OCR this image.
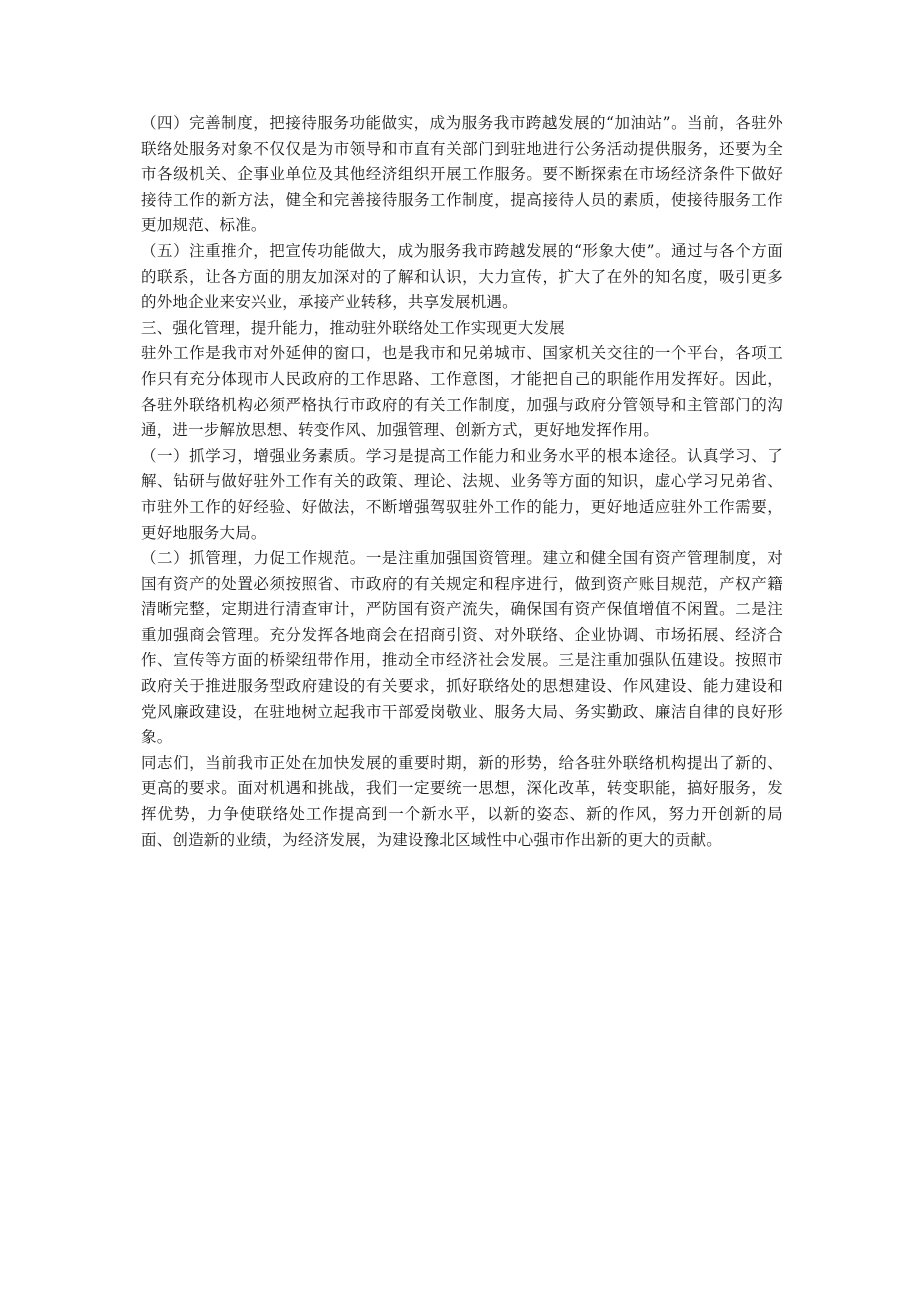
（四）完善制度，把接待服务功能做实，成为服务我市跨越发展的“加油站”。当前，各驻外联络处服务对象不仅仅是为市领导和市直有关部门到驻地进行公务活动提供服务，还要为全市各级机关、企事业单位及其他经济组织开展工作服务。要不断探索在市场经济条件下做好接待工作的新方法，健全和完善接待服务工作制度，提高接待人员的素质，使接待服务工作更加规范、标准。

（五）注重推介，把宣传功能做大，成为服务我市跨越发展的“形象大使”。通过与各个方面的联系，让各方面的朋友加深对的了解和认识，大力宣传，扩大了在外的知名度，吸引更多的外地企业来安兴业，承接产业转移，共享发展机遇。

三、强化管理，提升能力，推动驻外联络处工作实现更大发展

驻外工作是我市对外延伸的窗口，也是我市和兄弟城市、国家机关交往的一个平台，各项工作只有充分体现市人民政府的工作思路、工作意图，才能把自己的职能作用发挥好。因此，各驻外联络机构必须严格执行市政府的有关工作制度，加强与政府分管领导和主管部门的沟通，进一步解放思想、转变作风、加强管理、创新方式，更好地发挥作用。

（一）抓学习，增强业务素质。学习是提高工作能力和业务水平的根本途径。认真学习、了解、钻研与做好驻外工作有关的政策、理论、法规、业务等方面的知识，虚心学习兄弟省、市驻外工作的好经验、好做法，不断增强驾驭驻外工作的能力，更好地适应驻外工作需要，更好地服务大局。

（二）抓管理，力促工作规范。一是注重加强国资管理。建立和健全国有资产管理制度，对国有资产的处置必须按照省、市政府的有关规定和程序进行，做到资产账目规范，产权产籍清晰完整，定期进行清查审计，严防国有资产流失，确保国有资产保值增值不闲置。二是注重加强商会管理。充分发挥各地商会在招商引资、对外联络、企业协调、市场拓展、经济合作、宣传等方面的桥梁纽带作用，推动全市经济社会发展。三是注重加强队伍建设。按照市政府关于推进服务型政府建设的有关要求，抓好联络处的思想建设、作风建设、能力建设和党风廉政建设，在驻地树立起我市干部爱岗敬业、服务大局、务实勤政、廉洁自律的良好形象。

同志们，当前我市正处在加快发展的重要时期，新的形势，给各驻外联络机构提出了新的、更高的要求。面对机遇和挑战，我们一定要统一思想，深化改革，转变职能，搞好服务，发挥优势，力争使联络处工作提高到一个新水平，以新的姿态、新的作风，努力开创新的局面、创造新的业绩，为经济发展，为建设豫北区域性中心强市作出新的更大的贡献。
